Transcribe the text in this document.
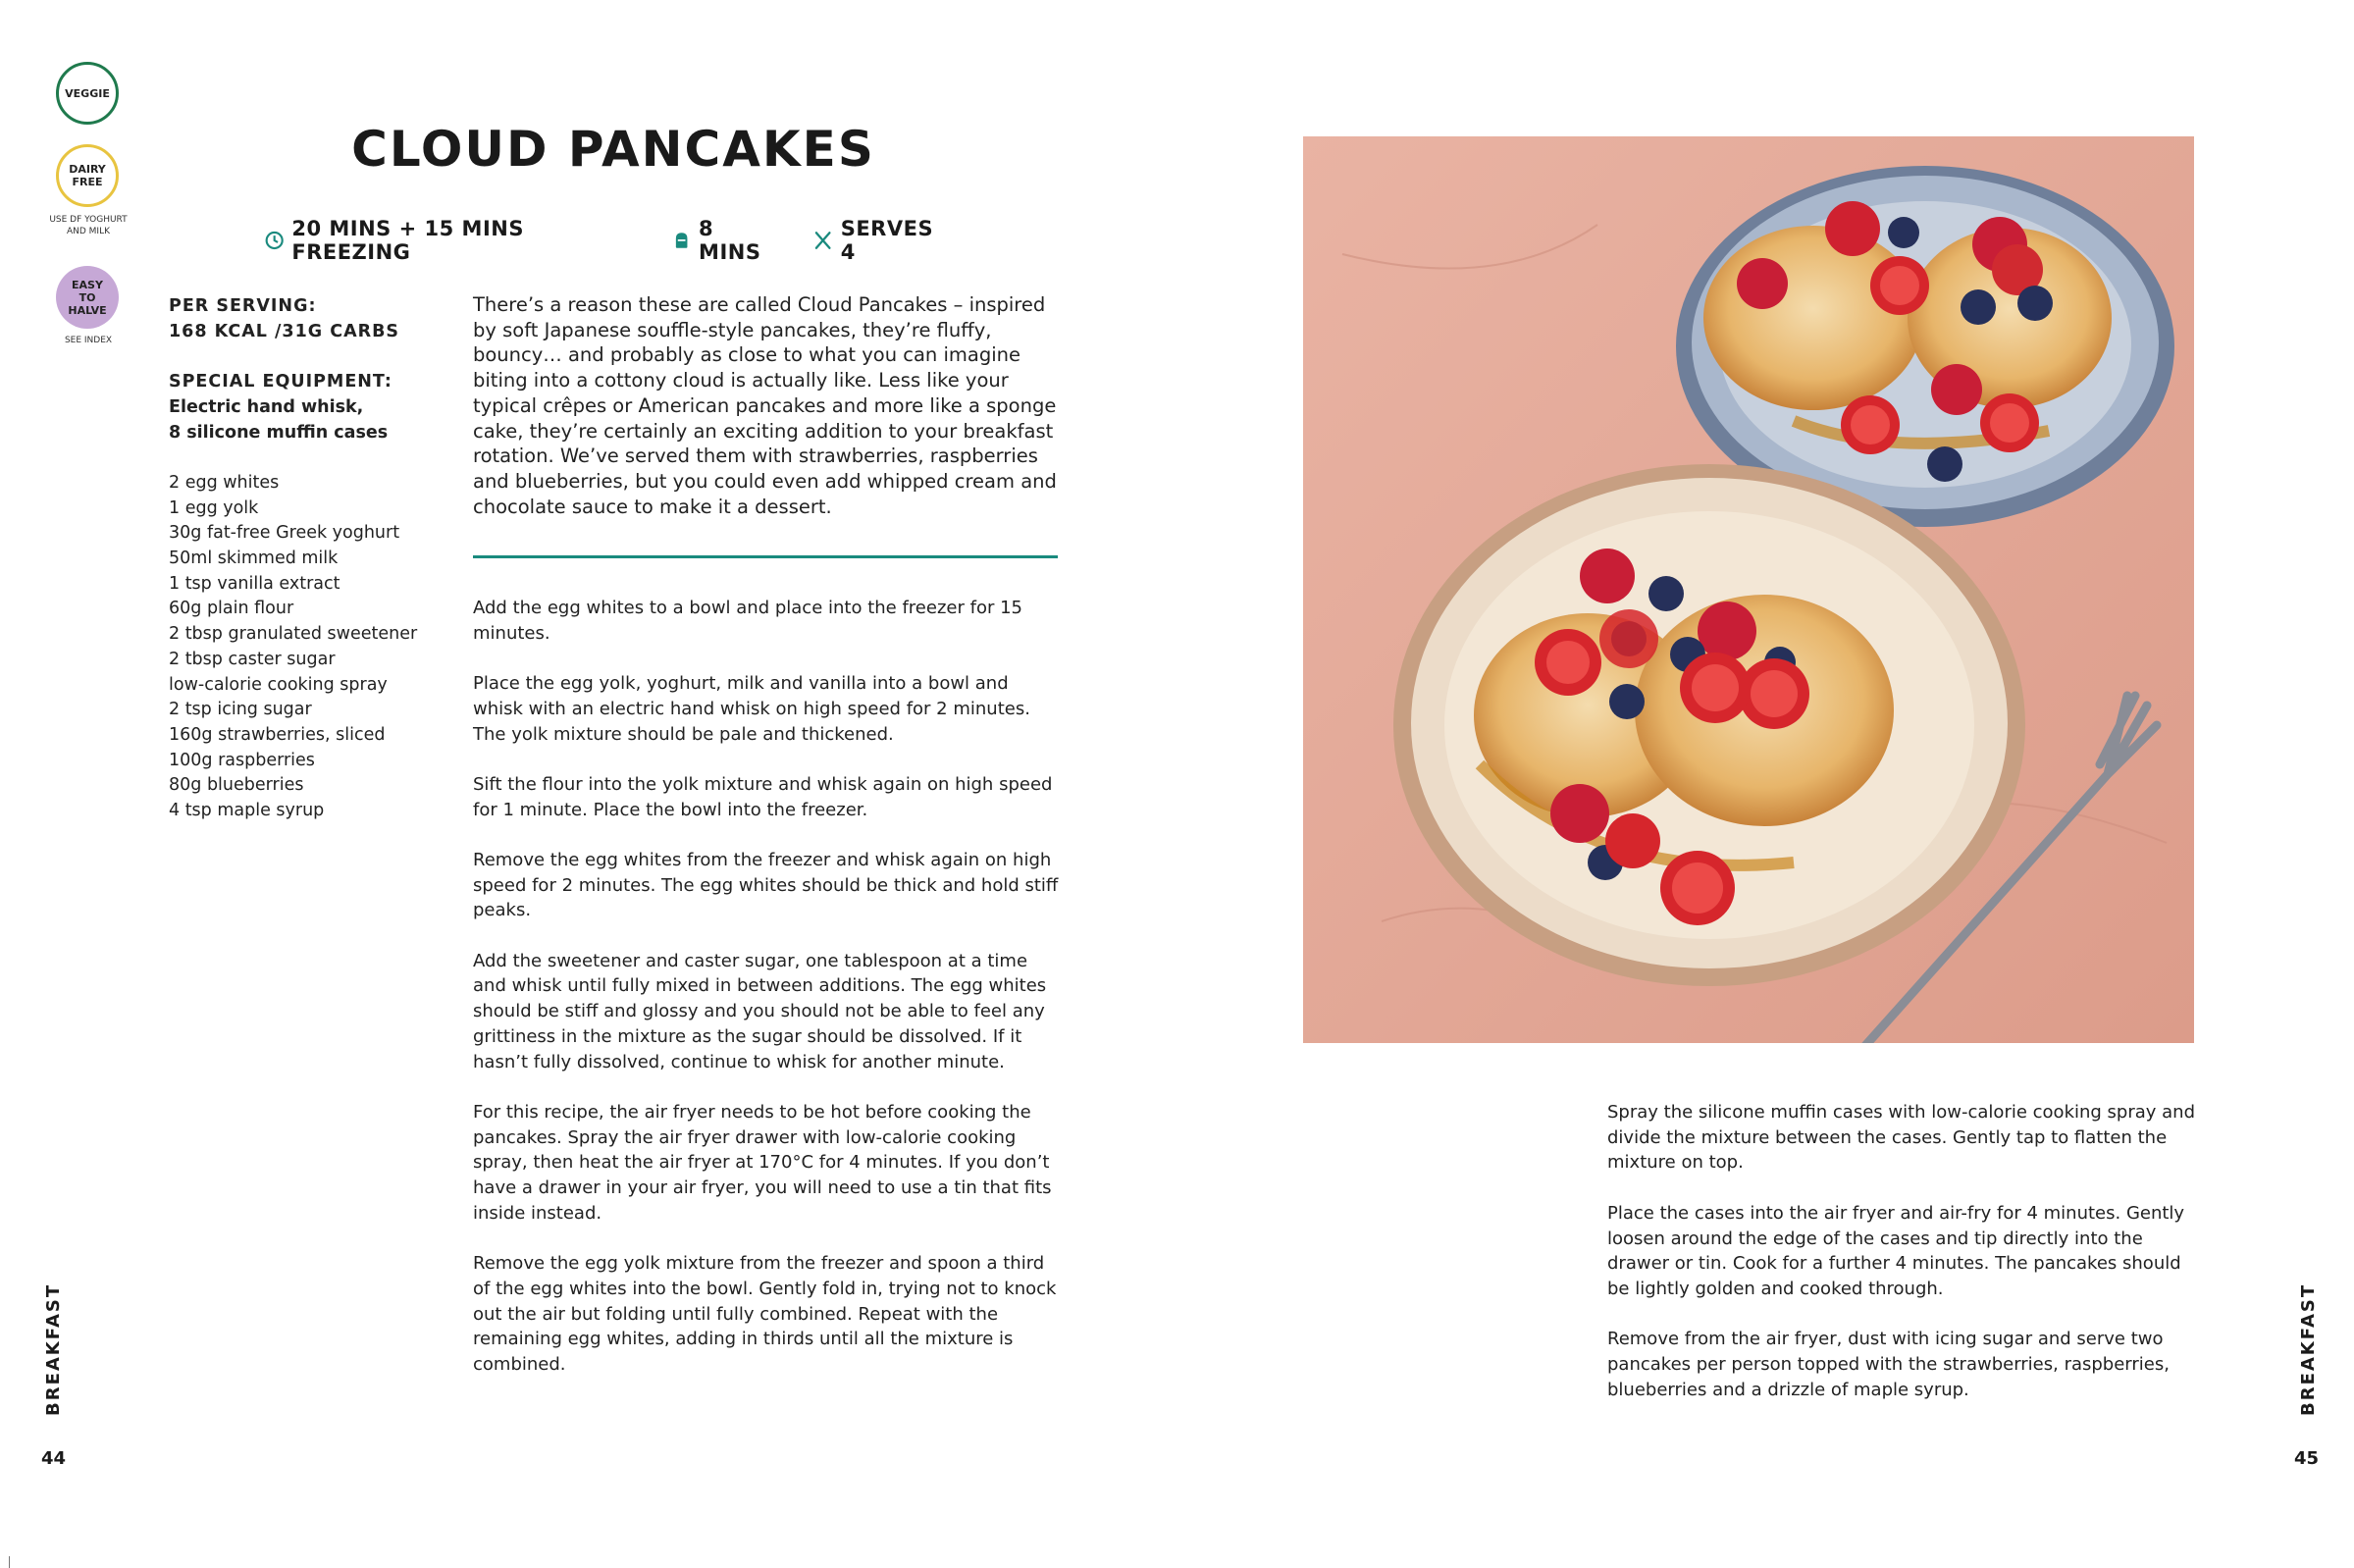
VEGGIE
DAIRY FREE
USE DF YOGHURT AND MILK
EASY TO HALVE
SEE INDEX
CLOUD PANCAKES
20 MINS + 15 MINS FREEZING
8 MINS
SERVES 4
PER SERVING:
168 KCAL /31G CARBS
SPECIAL EQUIPMENT:
Electric hand whisk,
8 silicone muffin cases
2 egg whites
1 egg yolk
30g fat-free Greek yoghurt
50ml skimmed milk
1 tsp vanilla extract
60g plain flour
2 tbsp granulated sweetener
2 tbsp caster sugar
low-calorie cooking spray
2 tsp icing sugar
160g strawberries, sliced
100g raspberries
80g blueberries
4 tsp maple syrup

There’s a reason these are called Cloud Pancakes – inspired by soft Japanese souffle-style pancakes, they’re fluffy, bouncy… and probably as close to what you can imagine biting into a cottony cloud is actually like. Less like your typical crêpes or American pancakes and more like a sponge cake, they’re certainly an exciting addition to your breakfast rotation. We’ve served them with strawberries, raspberries and blueberries, but you could even add whipped cream and chocolate sauce to make it a dessert.

Add the egg whites to a bowl and place into the freezer for 15 minutes.

Place the egg yolk, yoghurt, milk and vanilla into a bowl and whisk with an electric hand whisk on high speed for 2 minutes. The yolk mixture should be pale and thickened.

Sift the flour into the yolk mixture and whisk again on high speed for 1 minute. Place the bowl into the freezer.

Remove the egg whites from the freezer and whisk again on high speed for 2 minutes. The egg whites should be thick and hold stiff peaks.

Add the sweetener and caster sugar, one tablespoon at a time and whisk until fully mixed in between additions. The egg whites should be stiff and glossy and you should not be able to feel any grittiness in the mixture as the sugar should be dissolved. If it hasn’t fully dissolved, continue to whisk for another minute.

For this recipe, the air fryer needs to be hot before cooking the pancakes. Spray the air fryer drawer with low-calorie cooking spray, then heat the air fryer at 170°C for 4 minutes. If you don’t have a drawer in your air fryer, you will need to use a tin that fits inside instead.

Remove the egg yolk mixture from the freezer and spoon a third of the egg whites into the bowl. Gently fold in, trying not to knock out the air but folding until fully combined. Repeat with the remaining egg whites, adding in thirds until all the mixture is combined.

Spray the silicone muffin cases with low-calorie cooking spray and divide the mixture between the cases. Gently tap to flatten the mixture on top.

Place the cases into the air fryer and air-fry for 4 minutes. Gently loosen around the edge of the cases and tip directly into the drawer or tin. Cook for a further 4 minutes. The pancakes should be lightly golden and cooked through.

Remove from the air fryer, dust with icing sugar and serve two pancakes per person topped with the strawberries, raspberries, blueberries and a drizzle of maple syrup.

BREAKFAST	BREAKFAST
44	45
